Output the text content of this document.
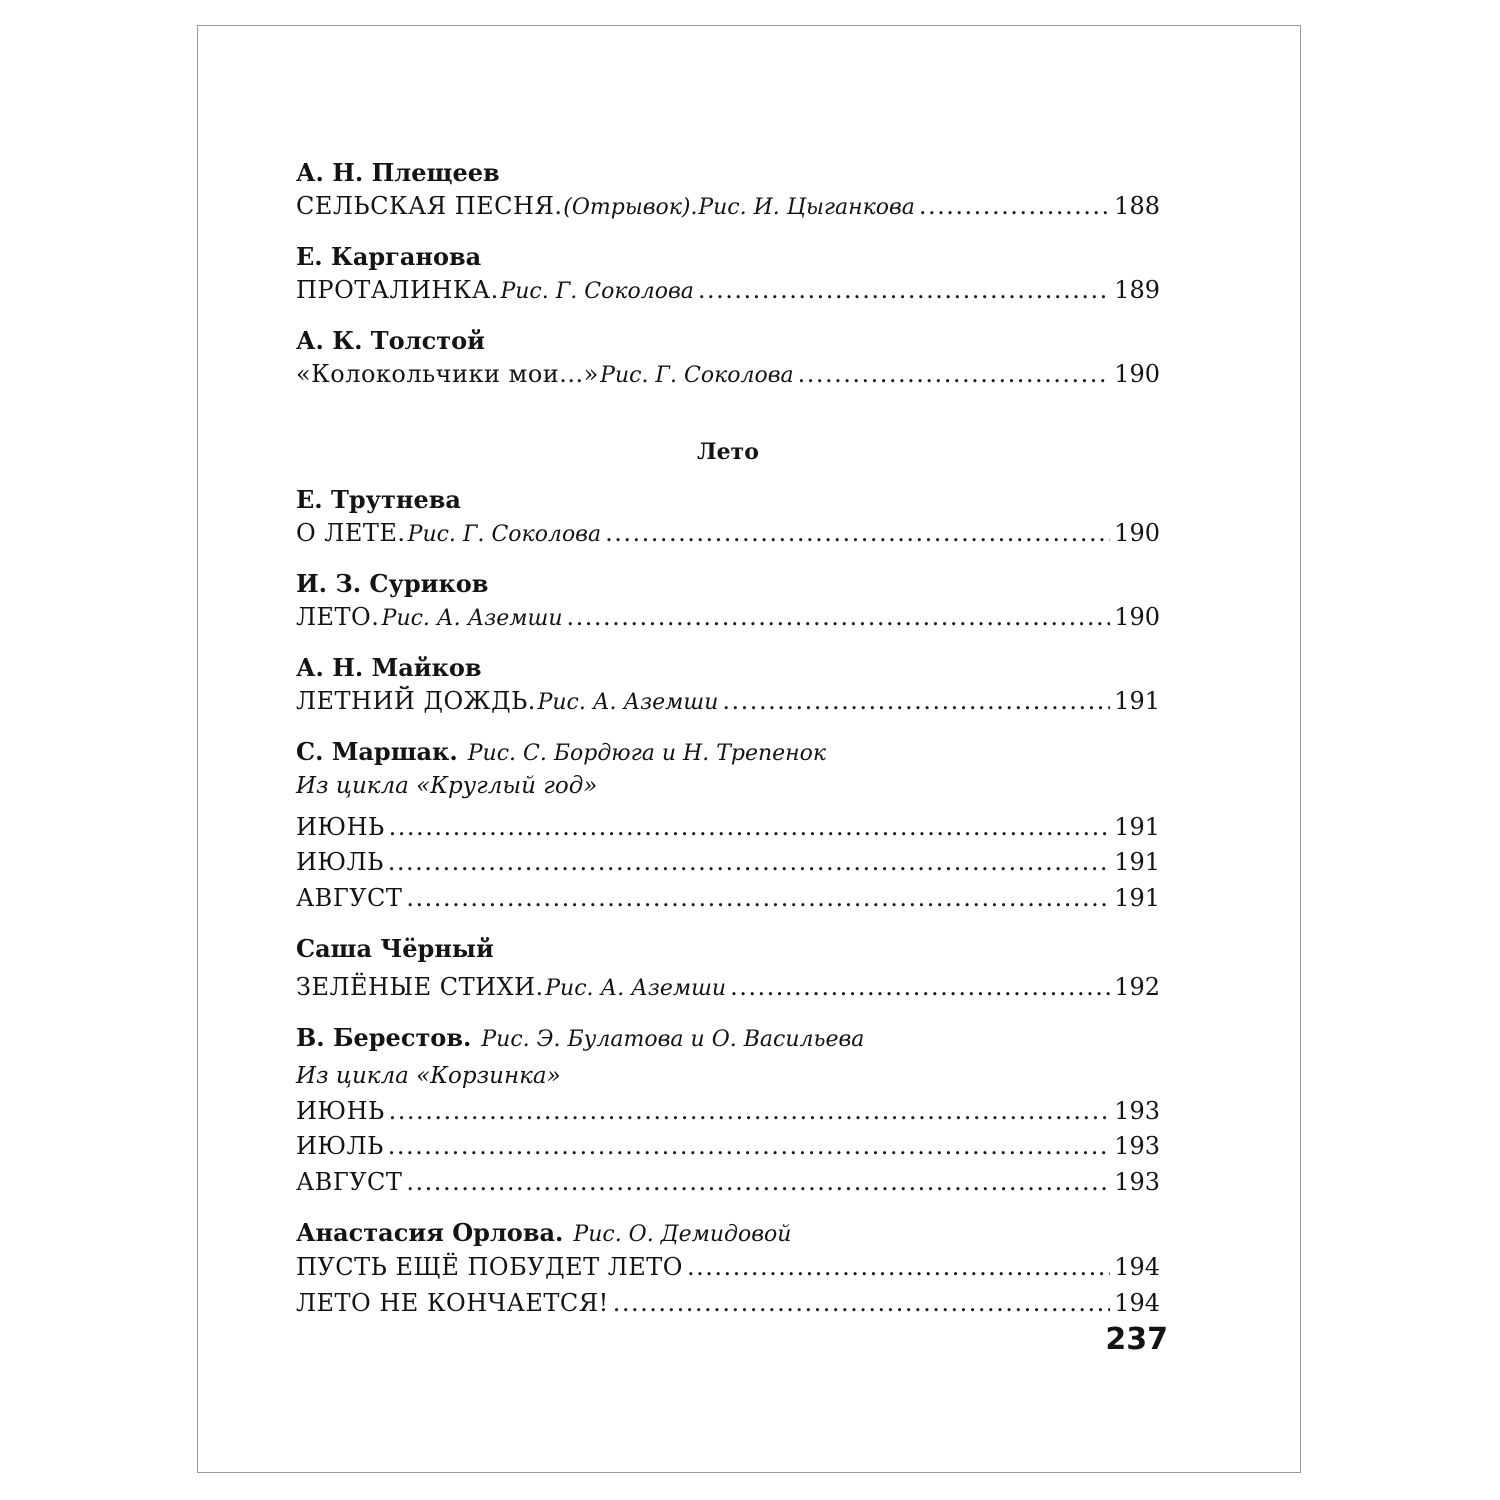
А. Н. Плещеев
СЕЛЬСКАЯ ПЕСНЯ. (Отрывок). Рис. И. Цыганкова .....	188
Е. Карганова
ПРОТАЛИНКА. Рис. Г. Соколова .....	189
А. К. Толстой
«Колокольчики мои...» Рис. Г. Соколова .....	190
Лето
Е. Трутнева
О ЛЕТЕ. Рис. Г. Соколова .....	190
И. З. Суриков
ЛЕТО. Рис. А. Аземши .....	190
А. Н. Майков
ЛЕТНИЙ ДОЖДЬ. Рис. А. Аземши .....	191
С. Маршак. Рис. С. Бордюга и Н. Трепенок
Из цикла «Круглый год»
ИЮНЬ .....	191
ИЮЛЬ .....	191
АВГУСТ .....	191
Саша Чёрный
ЗЕЛЁНЫЕ СТИХИ. Рис. А. Аземши .....	192
В. Берестов. Рис. Э. Булатова и О. Васильева
Из цикла «Корзинка»
ИЮНЬ .....	193
ИЮЛЬ .....	193
АВГУСТ .....	193
Анастасия Орлова. Рис. О. Демидовой
ПУСТЬ ЕЩЁ ПОБУДЕТ ЛЕТО .....	194
ЛЕТО НЕ КОНЧАЕТСЯ! .....	194
237
